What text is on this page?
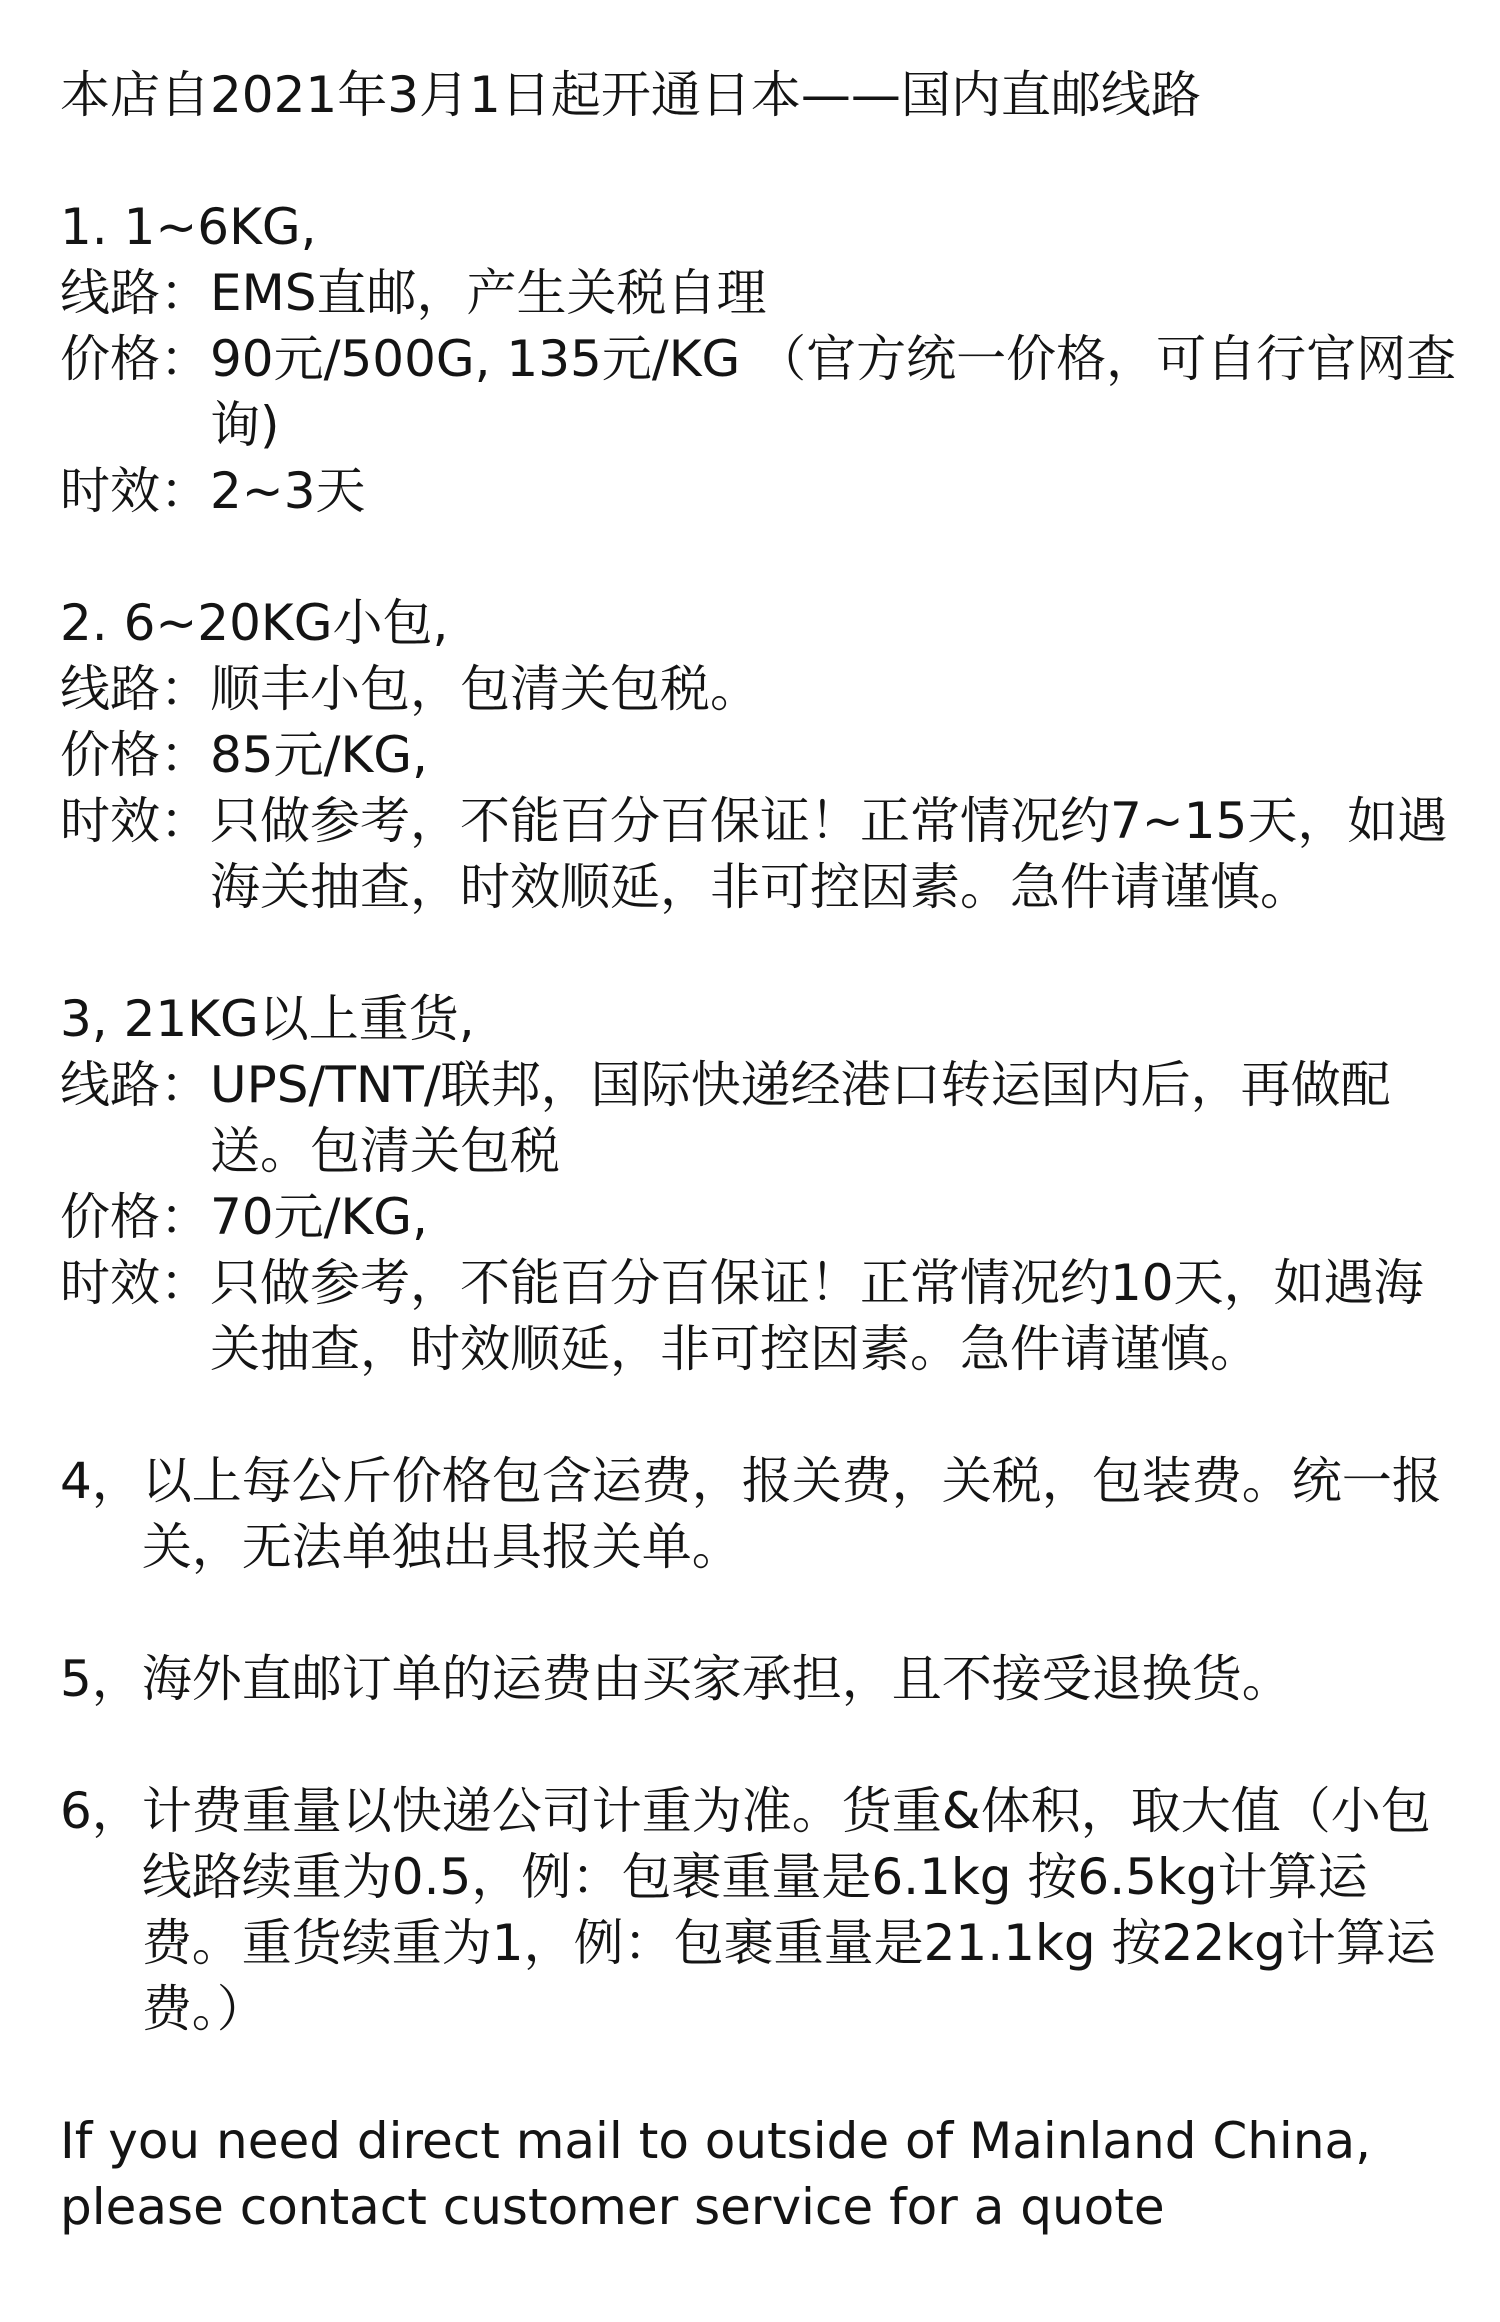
本店自2021年3月1日起开通日本——国内直邮线路
1. 1~6KG,
线路： EMS直邮，产生关税自理
价格： 90元/500G, 135元/KG （官方统一价格，可自行官网查询)
时效： 2~3天
2. 6~20KG小包,
线路： 顺丰小包，包清关包税。
价格： 85元/KG,
时效： 只做参考，不能百分百保证！正常情况约7~15天，如遇海关抽查，时效顺延，非可控因素。急件请谨慎。
3, 21KG以上重货,
线路： UPS/TNT/联邦，国际快递经港口转运国内后，再做配送。包清关包税
价格： 70元/KG,
时效： 只做参考，不能百分百保证！正常情况约10天，如遇海关抽查，时效顺延，非可控因素。急件请谨慎。
4， 以上每公斤价格包含运费，报关费，关税，包装费。统一报关，无法单独出具报关单。
5， 海外直邮订单的运费由买家承担，且不接受退换货。
6， 计费重量以快递公司计重为准。货重&体积，取大值（小包线路续重为0.5，例：包裹重量是6.1kg 按6.5kg计算运费。重货续重为1，例：包裹重量是21.1kg 按22kg计算运费。）
If you need direct mail to outside of Mainland China, please contact customer service for a quote
